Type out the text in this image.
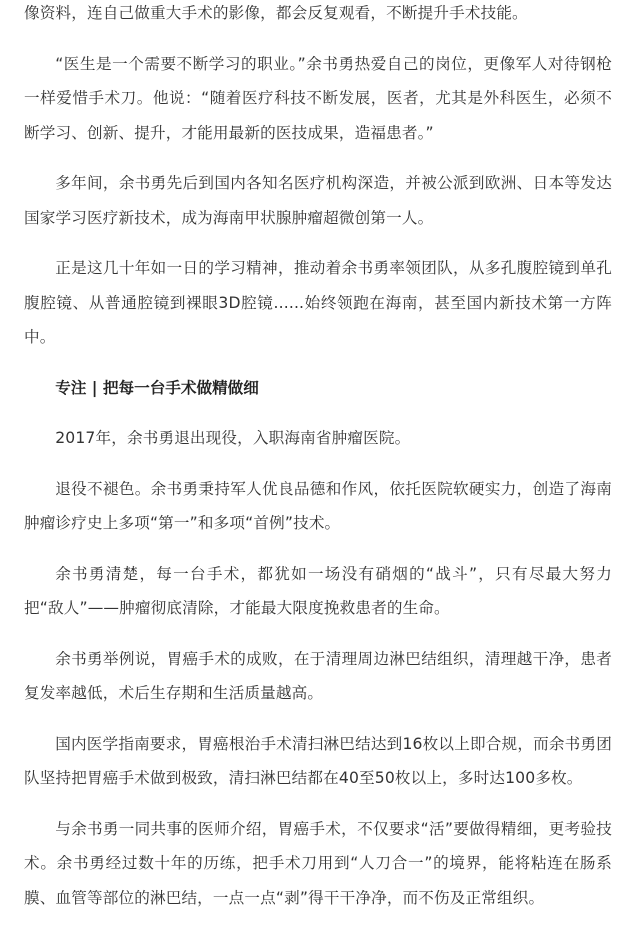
像资料，连自己做重大手术的影像，都会反复观看，不断提升手术技能。

“医生是一个需要不断学习的职业。”余书勇热爱自己的岗位，更像军人对待钢枪一样爱惜手术刀。他说：“随着医疗科技不断发展，医者，尤其是外科医生，必须不断学习、创新、提升，才能用最新的医技成果，造福患者。”

多年间，余书勇先后到国内各知名医疗机构深造，并被公派到欧洲、日本等发达国家学习医疗新技术，成为海南甲状腺肿瘤超微创第一人。

正是这几十年如一日的学习精神，推动着余书勇率领团队，从多孔腹腔镜到单孔腹腔镜、从普通腔镜到裸眼3D腔镜......始终领跑在海南，甚至国内新技术第一方阵中。

专注 | 把每一台手术做精做细

2017年，余书勇退出现役，入职海南省肿瘤医院。

退役不褪色。余书勇秉持军人优良品德和作风，依托医院软硬实力，创造了海南肿瘤诊疗史上多项“第一”和多项“首例”技术。

余书勇清楚，每一台手术，都犹如一场没有硝烟的“战斗”，只有尽最大努力把“敌人”——肿瘤彻底清除，才能最大限度挽救患者的生命。

余书勇举例说，胃癌手术的成败，在于清理周边淋巴结组织，清理越干净，患者复发率越低，术后生存期和生活质量越高。

国内医学指南要求，胃癌根治手术清扫淋巴结达到16枚以上即合规，而余书勇团队坚持把胃癌手术做到极致，清扫淋巴结都在40至50枚以上，多时达100多枚。

与余书勇一同共事的医师介绍，胃癌手术，不仅要求“活”要做得精细，更考验技术。余书勇经过数十年的历练，把手术刀用到“人刀合一”的境界，能将粘连在肠系膜、血管等部位的淋巴结，一点一点“剥”得干干净净，而不伤及正常组织。
